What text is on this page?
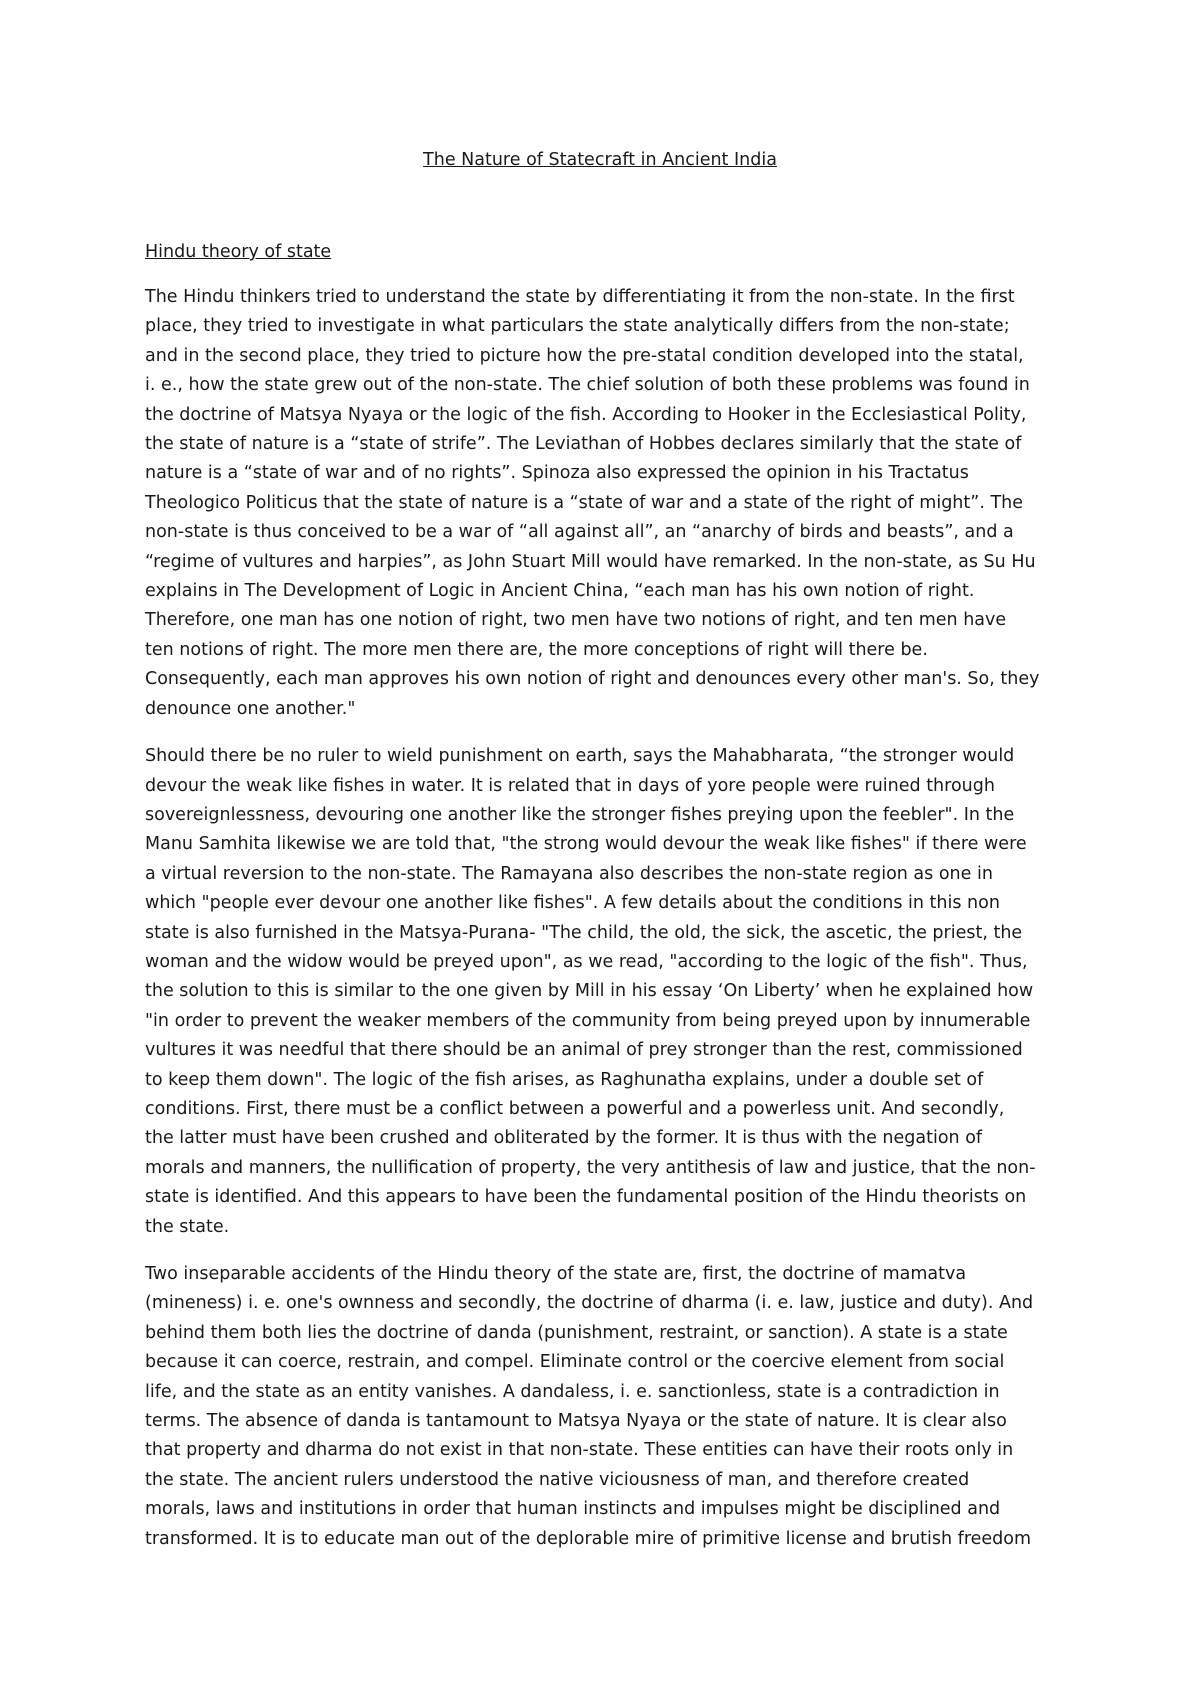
The Nature of Statecraft in Ancient India
Hindu theory of state

The Hindu thinkers tried to understand the state by differentiating it from the non-state. In the first
place, they tried to investigate in what particulars the state analytically differs from the non-state;
and in the second place, they tried to picture how the pre-statal condition developed into the statal,
i. e., how the state grew out of the non-state. The chief solution of both these problems was found in
the doctrine of Matsya Nyaya or the logic of the fish. According to Hooker in the Ecclesiastical Polity,
the state of nature is a “state of strife”. The Leviathan of Hobbes declares similarly that the state of
nature is a “state of war and of no rights”. Spinoza also expressed the opinion in his Tractatus
Theologico Politicus that the state of nature is a “state of war and a state of the right of might”. The
non-state is thus conceived to be a war of “all against all”, an “anarchy of birds and beasts”, and a
“regime of vultures and harpies”, as John Stuart Mill would have remarked. In the non-state, as Su Hu
explains in The Development of Logic in Ancient China, “each man has his own notion of right.
Therefore, one man has one notion of right, two men have two notions of right, and ten men have
ten notions of right. The more men there are, the more conceptions of right will there be.
Consequently, each man approves his own notion of right and denounces every other man's. So, they
denounce one another."

Should there be no ruler to wield punishment on earth, says the Mahabharata, “the stronger would
devour the weak like fishes in water. It is related that in days of yore people were ruined through
sovereignlessness, devouring one another like the stronger fishes preying upon the feebler". In the
Manu Samhita likewise we are told that, "the strong would devour the weak like fishes" if there were
a virtual reversion to the non-state. The Ramayana also describes the non-state region as one in
which "people ever devour one another like fishes". A few details about the conditions in this non
state is also furnished in the Matsya-Purana- "The child, the old, the sick, the ascetic, the priest, the
woman and the widow would be preyed upon", as we read, "according to the logic of the fish". Thus,
the solution to this is similar to the one given by Mill in his essay ‘On Liberty’ when he explained how
"in order to prevent the weaker members of the community from being preyed upon by innumerable
vultures it was needful that there should be an animal of prey stronger than the rest, commissioned
to keep them down". The logic of the fish arises, as Raghunatha explains, under a double set of
conditions. First, there must be a conflict between a powerful and a powerless unit. And secondly,
the latter must have been crushed and obliterated by the former. It is thus with the negation of
morals and manners, the nullification of property, the very antithesis of law and justice, that the non-
state is identified. And this appears to have been the fundamental position of the Hindu theorists on
the state.

Two inseparable accidents of the Hindu theory of the state are, first, the doctrine of mamatva
(mineness) i. e. one's ownness and secondly, the doctrine of dharma (i. e. law, justice and duty). And
behind them both lies the doctrine of danda (punishment, restraint, or sanction). A state is a state
because it can coerce, restrain, and compel. Eliminate control or the coercive element from social
life, and the state as an entity vanishes. A dandaless, i. e. sanctionless, state is a contradiction in
terms. The absence of danda is tantamount to Matsya Nyaya or the state of nature. It is clear also
that property and dharma do not exist in that non-state. These entities can have their roots only in
the state. The ancient rulers understood the native viciousness of man, and therefore created
morals, laws and institutions in order that human instincts and impulses might be disciplined and
transformed. It is to educate man out of the deplorable mire of primitive license and brutish freedom
